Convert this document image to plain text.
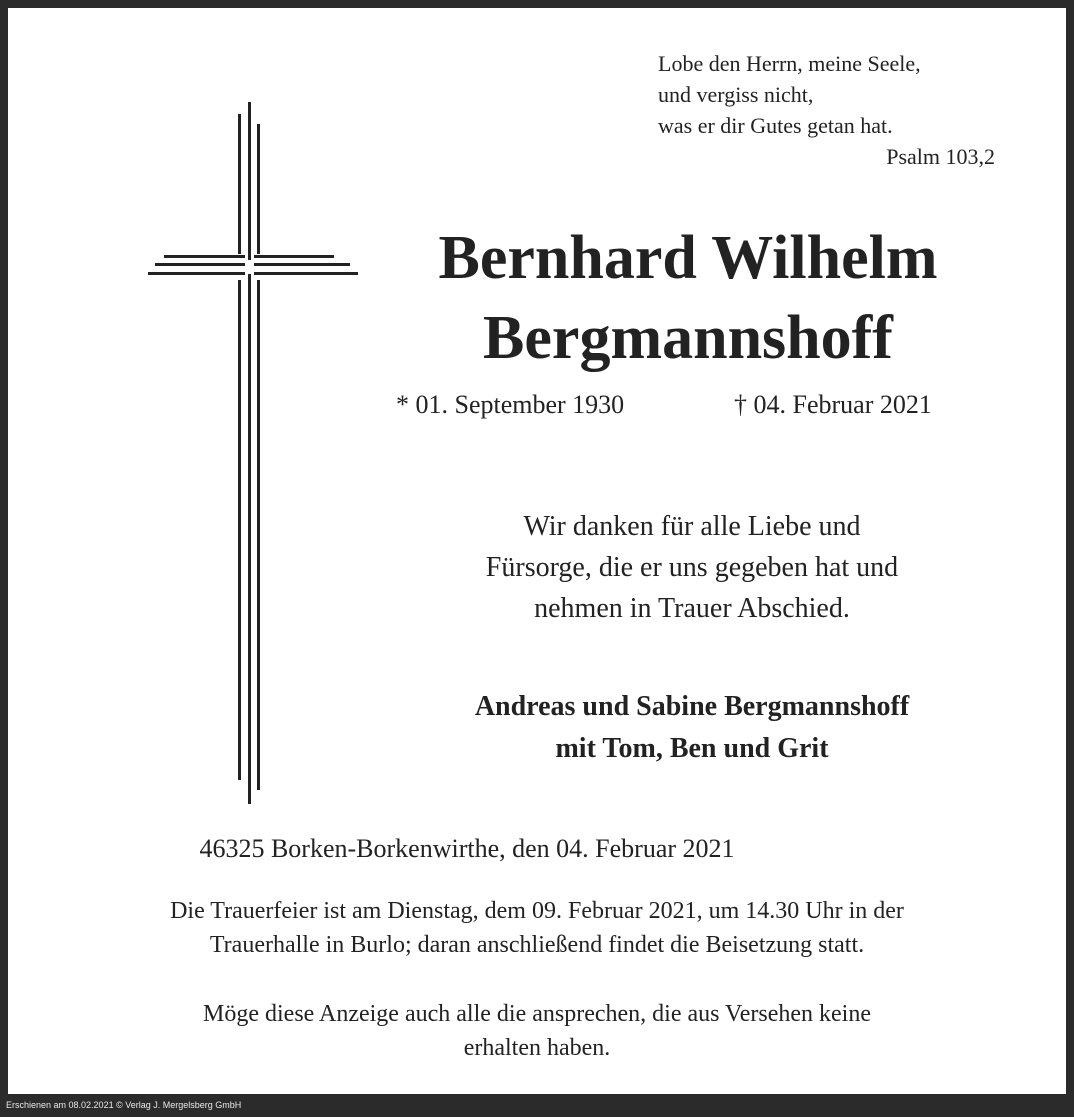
Lobe den Herrn, meine Seele,
und vergiss nicht,
was er dir Gutes getan hat.
Psalm 103,2
Bernhard Wilhelm
Bergmannshoff
* 01. September 1930	† 04. Februar 2021
Wir danken für alle Liebe und
Fürsorge, die er uns gegeben hat und
nehmen in Trauer Abschied.
Andreas und Sabine Bergmannshoff
mit Tom, Ben und Grit
46325 Borken-Borkenwirthe, den 04. Februar 2021
Die Trauerfeier ist am Dienstag, dem 09. Februar 2021, um 14.30 Uhr in der
Trauerhalle in Burlo; daran anschließend findet die Beisetzung statt.
Möge diese Anzeige auch alle die ansprechen, die aus Versehen keine
erhalten haben.
Erschienen am 08.02.2021 © Verlag J. Mergelsberg GmbH
